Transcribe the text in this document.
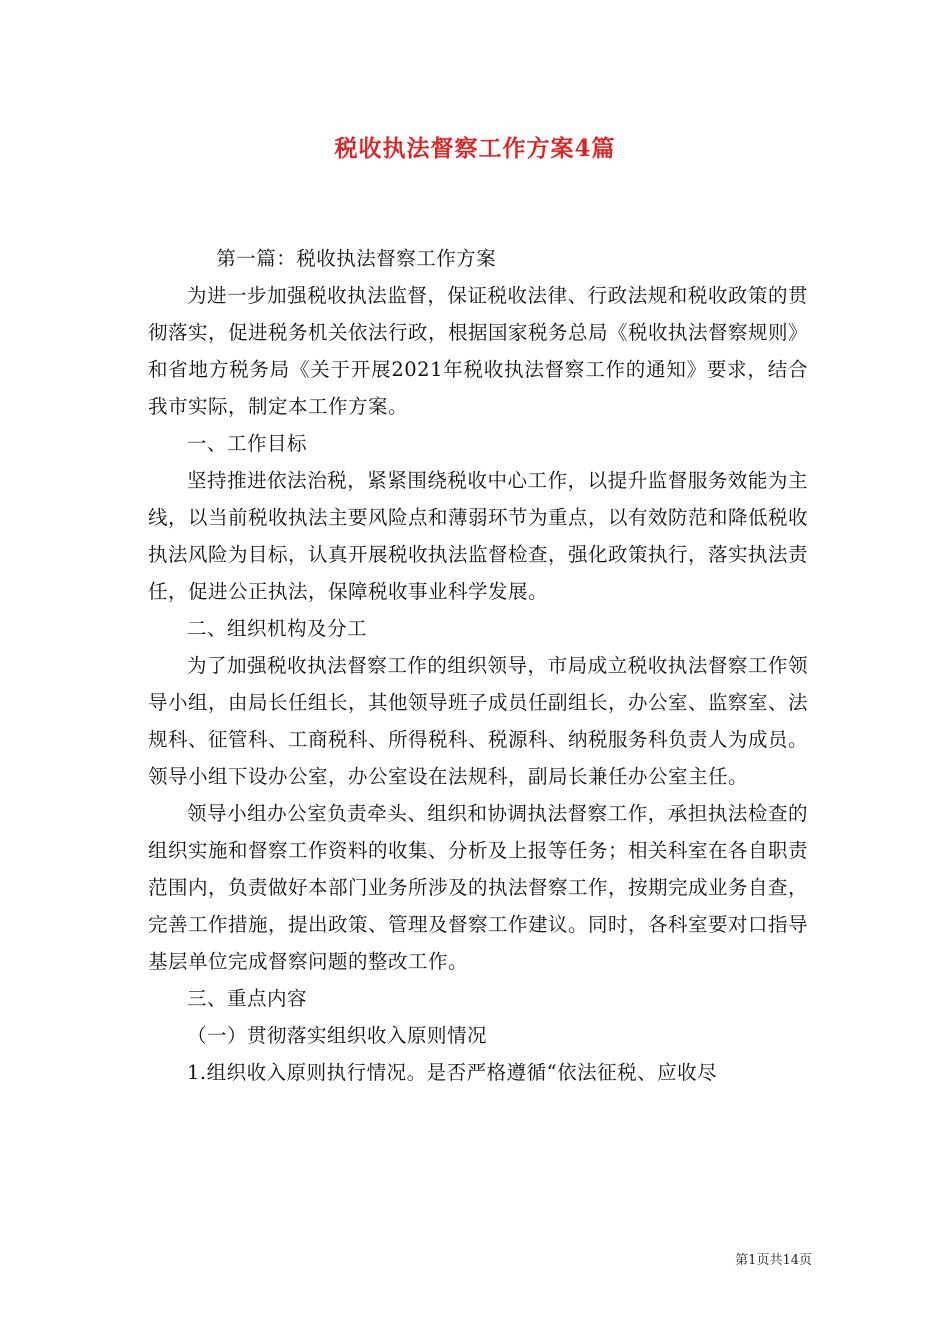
税收执法督察工作方案4篇

第一篇：税收执法督察工作方案

为进一步加强税收执法监督，保证税收法律、行政法规和税收政策的贯彻落实，促进税务机关依法行政，根据国家税务总局《税收执法督察规则》和省地方税务局《关于开展2021年税收执法督察工作的通知》要求，结合我市实际，制定本工作方案。

一、工作目标

坚持推进依法治税，紧紧围绕税收中心工作，以提升监督服务效能为主线，以当前税收执法主要风险点和薄弱环节为重点，以有效防范和降低税收执法风险为目标，认真开展税收执法监督检查，强化政策执行，落实执法责任，促进公正执法，保障税收事业科学发展。

二、组织机构及分工

为了加强税收执法督察工作的组织领导，市局成立税收执法督察工作领导小组，由局长任组长，其他领导班子成员任副组长，办公室、监察室、法规科、征管科、工商税科、所得税科、税源科、纳税服务科负责人为成员。领导小组下设办公室，办公室设在法规科，副局长兼任办公室主任。

领导小组办公室负责牵头、组织和协调执法督察工作，承担执法检查的组织实施和督察工作资料的收集、分析及上报等任务；相关科室在各自职责范围内，负责做好本部门业务所涉及的执法督察工作，按期完成业务自查，完善工作措施，提出政策、管理及督察工作建议。同时，各科室要对口指导基层单位完成督察问题的整改工作。

三、重点内容

（一）贯彻落实组织收入原则情况

1.组织收入原则执行情况。是否严格遵循“依法征税、应收尽

第1页共14页
